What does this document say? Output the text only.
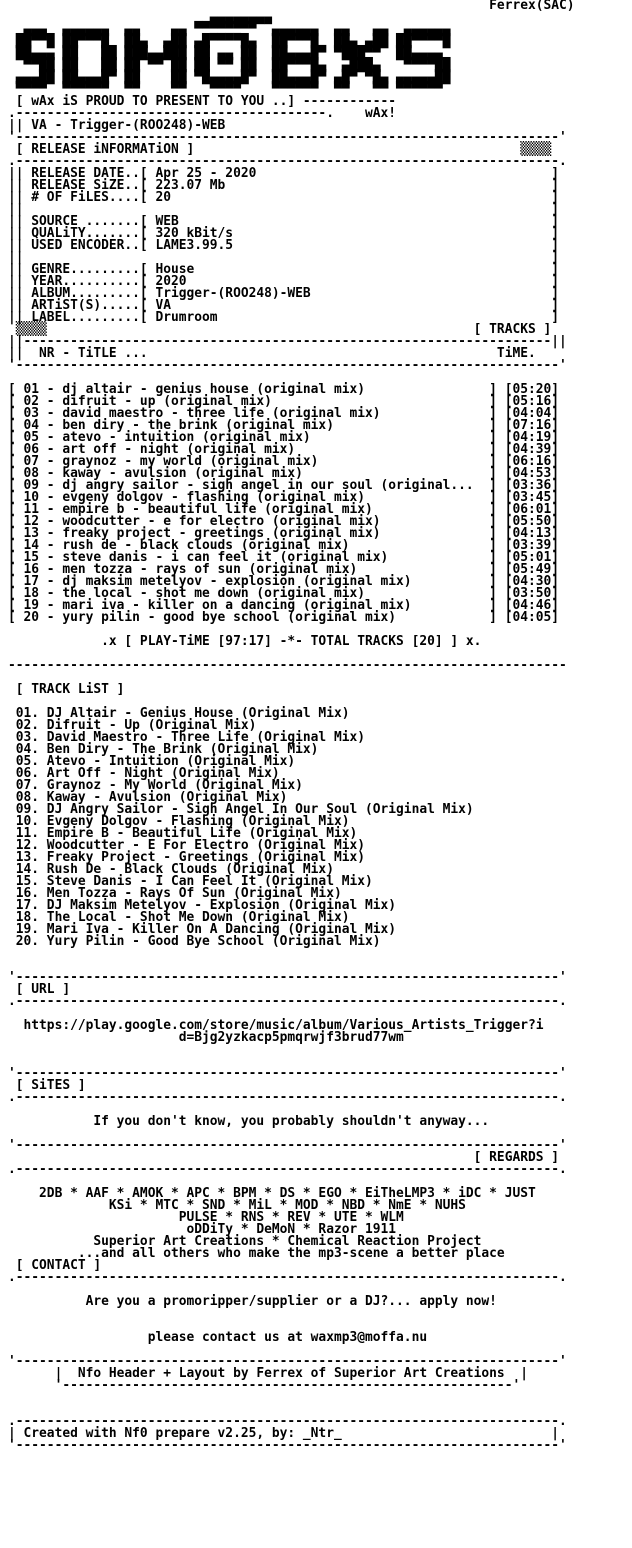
Ferrex(SAC)
▄▄▄▄▄▄▄▄
▄▄▄  ▄▄▄▄▄▄  ▄▄    ▄▄ ▀▀▀▀▀▀▀▀  ▄▄▄▄▄▄  ▄▄   ▄▄  ▄▄▄▄▄▄
██▀▀█ ██▀▀▀█  ██▄  ▄██ ▄█▀▀▀▀█▄  ██▀▀▀█  ██▄ ▄██ ██▀▀▀▀█
██▄▄▄ ██   ██ ███▄▄███ ██ ▄▄ ██  ██▄▄▄█▀ ▀███▀▀  ██▄▄▄▄
▀▀██ ██   ██ ██ ▀▀ ██ ██ ▀▀ ██  ██▀▀▀█▄  ▄███▄   ▀▀▀▀██
▄▄▄██ ██▄▄▄█▀ ██    ██ ▀█▄▄▄▄█▀  ██▄▄▄█▀ ▄█▀ ▀█▄ ▄▄▄▄▄██
▀▀▀▀  ▀▀▀▀▀▀  ▀▀    ▀▀   ▀▀▀▀    ▀▀▀▀▀▀  ▀▀   ▀▀ ▀▀▀▀▀▀
[ wAx iS PROUD TO PRESENT TO YOU ..] ------------
.----------------------------------------.    wAx!
|| VA - Trigger-(ROO248)-WEB
'----------------------------------------------------------------------'
[ RELEASE iNFORMATiON ]                                          ▒▒▒▒
.----------------------------------------------------------------------.
|| RELEASE DATE..[ Apr 25 - 2020                                      ]
|| RELEASE SiZE..[ 223.07 Mb                                          ]
|| # OF FiLES....[ 20                                                 ]
||                                                                    ]
|| SOURCE .......[ WEB                                                ]
|| QUALiTY.......[ 320 kBit/s                                         ]
|| USED ENCODER..[ LAME3.99.5                                         ]
||                                                                    ]
|| GENRE.........[ House                                              ]
|| YEAR..........[ 2020                                               ]
|| ALBUM.........[ Trigger-(ROO248)-WEB                               ]
|| ARTiST(S).....[ VA                                                 ]
|| LABEL.........[ Drumroom                                           ]
▒▒▒▒                                                       [ TRACKS ]
||--------------------------------------------------------------------||
||  NR - TiTLE ...                                             TiME.
'----------------------------------------------------------------------'

[ 01 - dj altair - genius house (original mix)                ] [05:20]
[ 02 - difruit - up (original mix)                            ] [05:16]
[ 03 - david maestro - three life (original mix)              ] [04:04]
[ 04 - ben diry - the brink (original mix)                    ] [07:16]
[ 05 - atevo - intuition (original mix)                       ] [04:19]
[ 06 - art off - night (original mix)                         ] [04:39]
[ 07 - graynoz - my world (original mix)                      ] [06:16]
[ 08 - kaway - avulsion (original mix)                        ] [04:53]
[ 09 - dj angry sailor - sigh angel in our soul (original...  ] [03:36]
[ 10 - evgeny dolgov - flashing (original mix)                ] [03:45]
[ 11 - empire b - beautiful life (original mix)               ] [06:01]
[ 12 - woodcutter - e for electro (original mix)              ] [05:50]
[ 13 - freaky project - greetings (original mix)              ] [04:13]
[ 14 - rush de - black clouds (original mix)                  ] [03:39]
[ 15 - steve danis - i can feel it (original mix)             ] [05:01]
[ 16 - men tozza - rays of sun (original mix)                 ] [05:49]
[ 17 - dj maksim metelyov - explosion (original mix)          ] [04:30]
[ 18 - the local - shot me down (original mix)                ] [03:50]
[ 19 - mari iva - killer on a dancing (original mix)          ] [04:46]
[ 20 - yury pilin - good bye school (original mix)            ] [04:05]

.x [ PLAY-TiME [97:17] -*- TOTAL TRACKS [20] ] x.

------------------------------------------------------------------------

[ TRACK LiST ]

01. DJ Altair - Genius House (Original Mix)
02. Difruit - Up (Original Mix)
03. David Maestro - Three Life (Original Mix)
04. Ben Diry - The Brink (Original Mix)
05. Atevo - Intuition (Original Mix)
06. Art Off - Night (Original Mix)
07. Graynoz - My World (Original Mix)
08. Kaway - Avulsion (Original Mix)
09. DJ Angry Sailor - Sigh Angel In Our Soul (Original Mix)
10. Evgeny Dolgov - Flashing (Original Mix)
11. Empire B - Beautiful Life (Original Mix)
12. Woodcutter - E For Electro (Original Mix)
13. Freaky Project - Greetings (Original Mix)
14. Rush De - Black Clouds (Original Mix)
15. Steve Danis - I Can Feel It (Original Mix)
16. Men Tozza - Rays Of Sun (Original Mix)
17. DJ Maksim Metelyov - Explosion (Original Mix)
18. The Local - Shot Me Down (Original Mix)
19. Mari Iva - Killer On A Dancing (Original Mix)
20. Yury Pilin - Good Bye School (Original Mix)

'----------------------------------------------------------------------'
[ URL ]
.----------------------------------------------------------------------.

https://play.google.com/store/music/album/Various_Artists_Trigger?i
d=Bjg2yzkacp5pmqrwjf3brud77wm

'----------------------------------------------------------------------'
[ SiTES ]
.----------------------------------------------------------------------.

If you don't know, you probably shouldn't anyway...

'----------------------------------------------------------------------'
[ REGARDS ]
.----------------------------------------------------------------------.

2DB * AAF * AMOK * APC * BPM * DS * EGO * EiTheLMP3 * iDC * JUST
KSi * MTC * SND * MiL * MOD * NBD * NmE * NUHS
PULSE * RNS * REV * UTE * WLM
oDDiTy * DeMoN * Razor 1911
Superior Art Creations * Chemical Reaction Project
...and all others who make the mp3-scene a better place
[ CONTACT ]
.----------------------------------------------------------------------.

Are you a promoripper/supplier or a DJ?... apply now!

please contact us at waxmp3@moffa.nu

'----------------------------------------------------------------------'
|  Nfo Header + Layout by Ferrex of Superior Art Creations  |
'----------------------------------------------------------'

.----------------------------------------------------------------------.
| Created with Nf0 prepare v2.25, by: _Ntr_                           |
'----------------------------------------------------------------------'
